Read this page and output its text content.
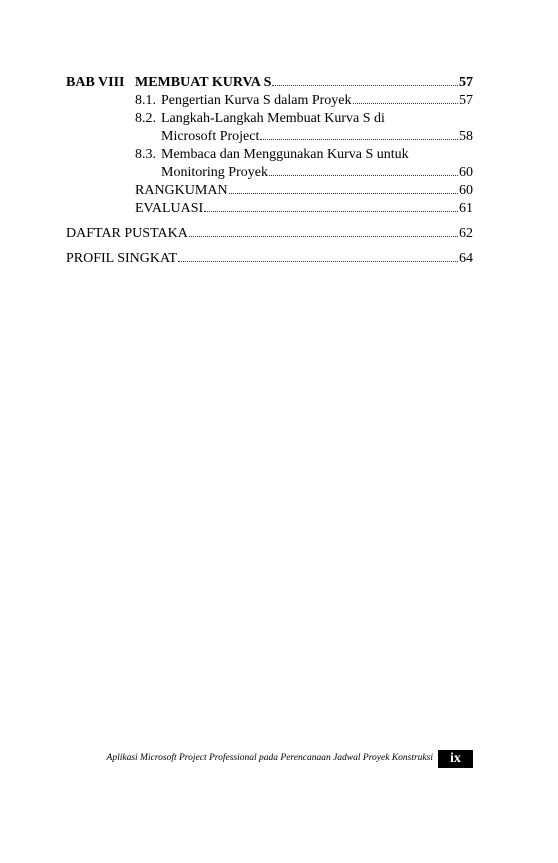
BAB VIII MEMBUAT KURVA S	57
8.1. Pengertian Kurva S dalam Proyek	57
8.2. Langkah-Langkah Membuat Kurva S di
Microsoft Project	58
8.3. Membaca dan Menggunakan Kurva S untuk
Monitoring Proyek	60
RANGKUMAN	60
EVALUASI	61
DAFTAR PUSTAKA	62
PROFIL SINGKAT	64
Aplikasi Microsoft Project Professional pada Perencanaan Jadwal Proyek Konstruksi	ix
